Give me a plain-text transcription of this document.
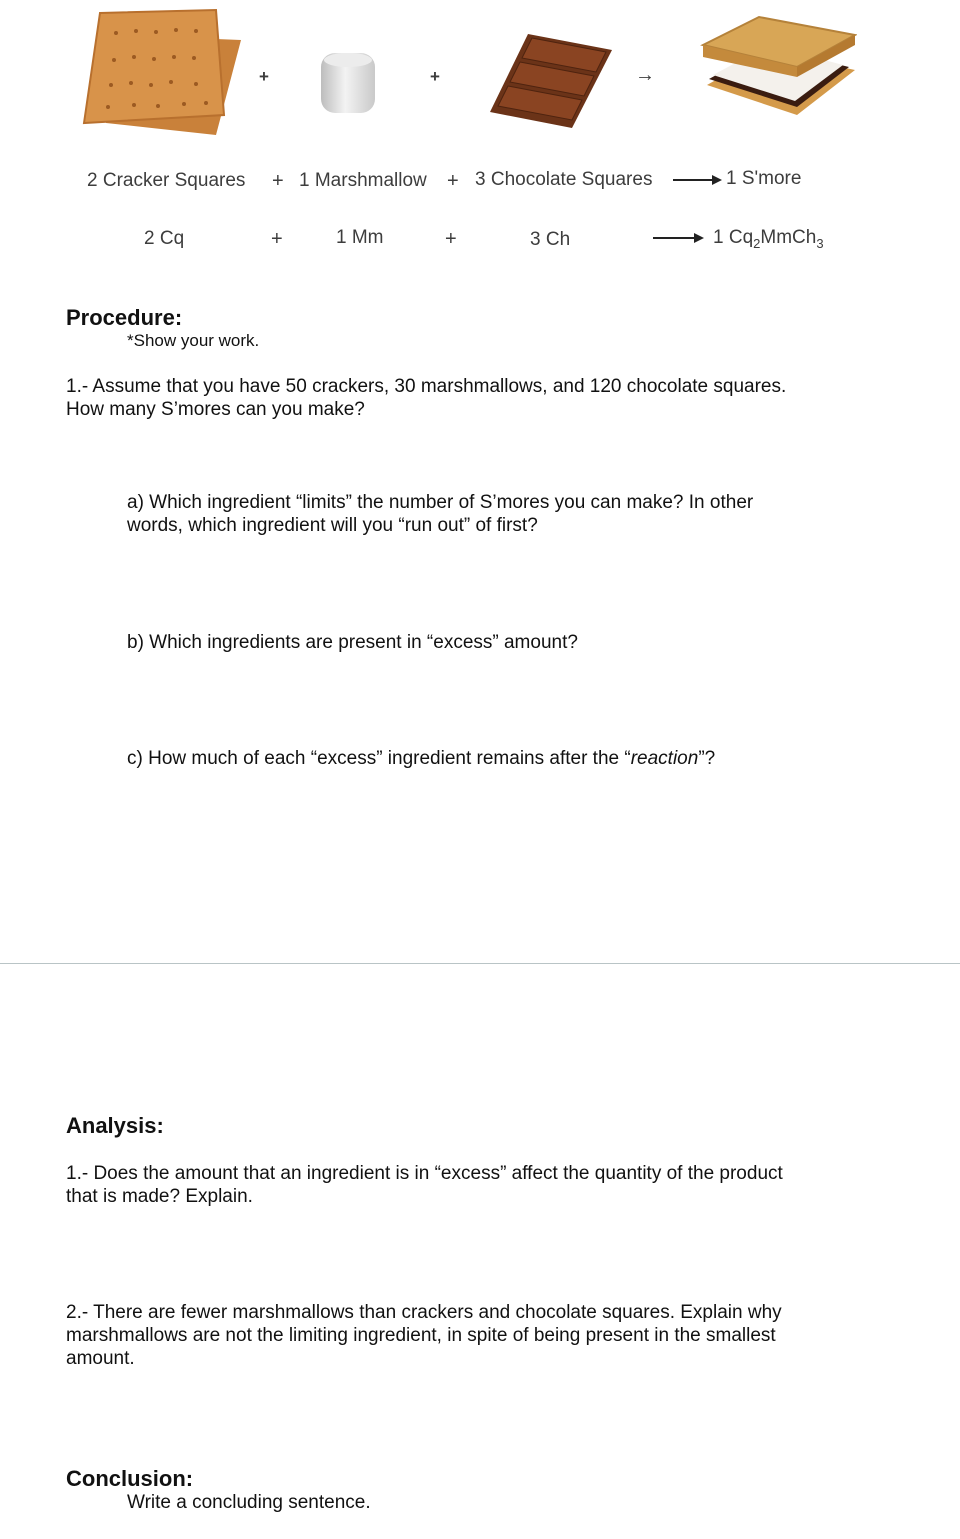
+	+	→
2 Cracker Squares + 1 Marshmallow + 3 Chocolate Squares	1 S'more
2 Cq	+	1 Mm	+	3 Ch	1 $Cq_2MmCh_3$
Procedure:
*Show your work.
1.- Assume that you have 50 crackers, 30 marshmallows, and 120 chocolate squares.
How many S’mores can you make?
a) Which ingredient “limits” the number of S’mores you can make? In other
words, which ingredient will you “run out” of first?
b) Which ingredients are present in “excess” amount?
c) How much of each “excess” ingredient remains after the “reaction”?
Analysis:
1.- Does the amount that an ingredient is in “excess” affect the quantity of the product
that is made? Explain.
2.- There are fewer marshmallows than crackers and chocolate squares. Explain why
marshmallows are not the limiting ingredient, in spite of being present in the smallest
amount.
Conclusion:
Write a concluding sentence.
